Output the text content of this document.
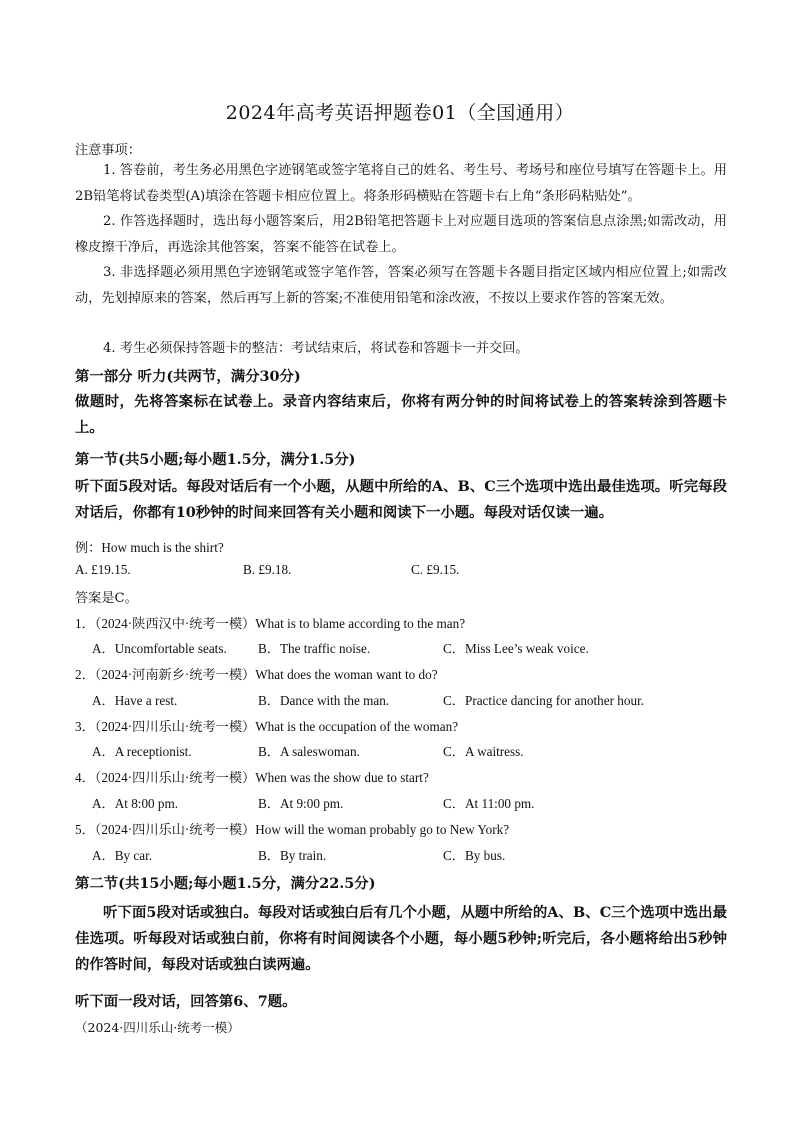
2024年高考英语押题卷01（全国通用）
注意事项：
1. 答卷前，考生务必用黑色字迹钢笔或签字笔将自己的姓名、考生号、考场号和座位号填写在答题卡上。用2B铅笔将试卷类型(A)填涂在答题卡相应位置上。将条形码横贴在答题卡右上角“条形码粘贴处”。
2. 作答选择题时，选出每小题答案后，用2B铅笔把答题卡上对应题目选项的答案信息点涂黑;如需改动，用橡皮擦干净后，再选涂其他答案，答案不能答在试卷上。
3. 非选择题必须用黑色字迹钢笔或签字笔作答，答案必须写在答题卡各题目指定区域内相应位置上;如需改动，先划掉原来的答案，然后再写上新的答案;不准使用铅笔和涂改液，不按以上要求作答的答案无效。
4. 考生必须保持答题卡的整洁：考试结束后，将试卷和答题卡一并交回。
第一部分 听力(共两节，满分30分)
做题时，先将答案标在试卷上。录音内容结束后，你将有两分钟的时间将试卷上的答案转涂到答题卡上。
第一节(共5小题;每小题1.5分，满分1.5分)
听下面5段对话。每段对话后有一个小题，从题中所给的A、B、C三个选项中选出最佳选项。听完每段对话后，你都有10秒钟的时间来回答有关小题和阅读下一小题。每段对话仅读一遍。
例：How much is the shirt?
A. £19.15.	B. £9.18.	C. £9.15.
答案是C。
1．（2024·陕西汉中·统考一模）What is to blame according to the man?
A．Uncomfortable seats. B．The traffic noise.	C．Miss Lee’s weak voice.
2．（2024·河南新乡·统考一模）What does the woman want to do?
A．Have a rest.	B．Dance with the man.	C．Practice dancing for another hour.
3．（2024·四川乐山·统考一模）What is the occupation of the woman?
A．A receptionist.	B．A saleswoman.	C．A waitress.
4．（2024·四川乐山·统考一模）When was the show due to start?
A．At 8:00 pm.	B．At 9:00 pm.	C．At 11:00 pm.
5．（2024·四川乐山·统考一模）How will the woman probably go to New York?
A．By car.	B．By train.	C．By bus.
第二节(共15小题;每小题1.5分，满分22.5分)
听下面5段对话或独白。每段对话或独白后有几个小题，从题中所给的A、B、C三个选项中选出最佳选项。听每段对话或独白前，你将有时间阅读各个小题，每小题5秒钟;听完后，各小题将给出5秒钟的作答时间，每段对话或独白读两遍。
听下面一段对话，回答第6、7题。
（2024·四川乐山·统考一模）
